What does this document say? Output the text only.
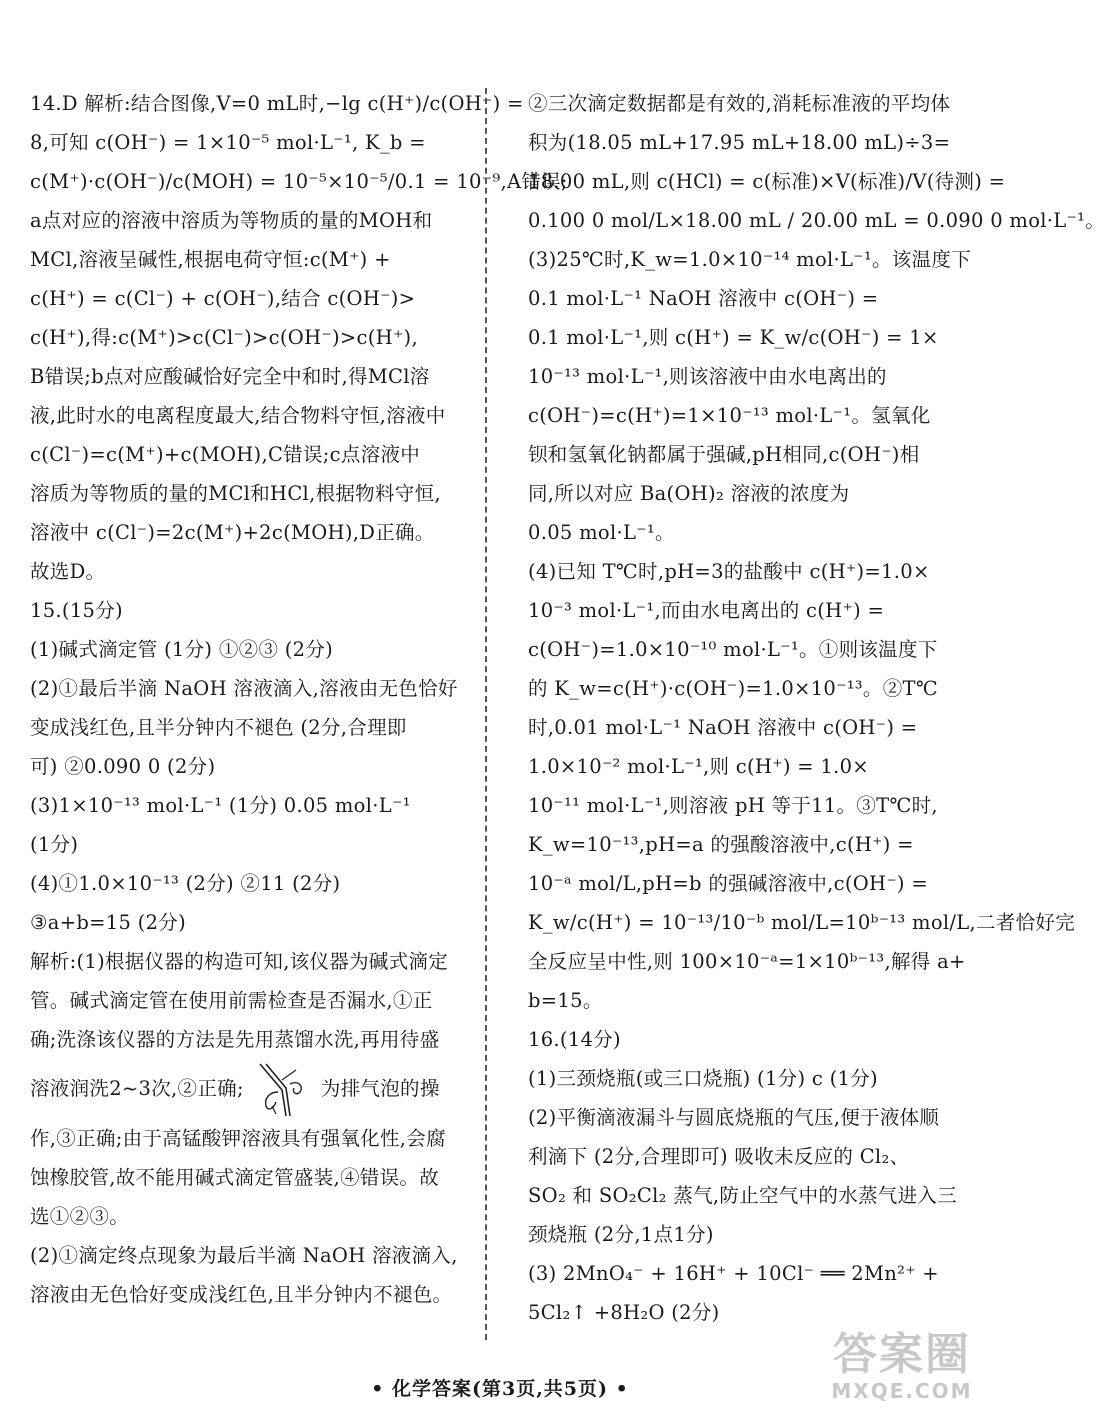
14.D 解析:结合图像,V=0 mL时,−lg c(H⁺)/c(OH⁻) =

8,可知 c(OH⁻) = 1×10⁻⁵ mol·L⁻¹, K_b =

c(M⁺)·c(OH⁻)/c(MOH) = 10⁻⁵×10⁻⁵/0.1 = 10⁻⁹,A错误;

a点对应的溶液中溶质为等物质的量的MOH和

MCl,溶液呈碱性,根据电荷守恒:c(M⁺) +

c(H⁺) = c(Cl⁻) + c(OH⁻),结合 c(OH⁻)>

c(H⁺),得:c(M⁺)>c(Cl⁻)>c(OH⁻)>c(H⁺),

B错误;b点对应酸碱恰好完全中和时,得MCl溶

液,此时水的电离程度最大,结合物料守恒,溶液中

c(Cl⁻)=c(M⁺)+c(MOH),C错误;c点溶液中

溶质为等物质的量的MCl和HCl,根据物料守恒,

溶液中 c(Cl⁻)=2c(M⁺)+2c(MOH),D正确。

故选D。

15.(15分)

(1)碱式滴定管 (1分) ①②③ (2分)

(2)①最后半滴 NaOH 溶液滴入,溶液由无色恰好

变成浅红色,且半分钟内不褪色 (2分,合理即

可) ②0.090 0 (2分)

(3)1×10⁻¹³ mol·L⁻¹ (1分) 0.05 mol·L⁻¹

(1分)

(4)①1.0×10⁻¹³ (2分) ②11 (2分)

③a+b=15 (2分)

解析:(1)根据仪器的构造可知,该仪器为碱式滴定

管。碱式滴定管在使用前需检查是否漏水,①正

确;洗涤该仪器的方法是先用蒸馏水洗,再用待盛

溶液润洗2~3次,②正确;	为排气泡的操

作,③正确;由于高锰酸钾溶液具有强氧化性,会腐

蚀橡胶管,故不能用碱式滴定管盛装,④错误。故

选①②③。

(2)①滴定终点现象为最后半滴 NaOH 溶液滴入,

溶液由无色恰好变成浅红色,且半分钟内不褪色。

②三次滴定数据都是有效的,消耗标准液的平均体

积为(18.05 mL+17.95 mL+18.00 mL)÷3=

18.00 mL,则 c(HCl) = c(标准)×V(标准)/V(待测) =

0.100 0 mol/L×18.00 mL / 20.00 mL = 0.090 0 mol·L⁻¹。

(3)25℃时,K_w=1.0×10⁻¹⁴ mol·L⁻¹。该温度下

0.1 mol·L⁻¹ NaOH 溶液中 c(OH⁻) =

0.1 mol·L⁻¹,则 c(H⁺) = K_w/c(OH⁻) = 1×

10⁻¹³ mol·L⁻¹,则该溶液中由水电离出的

c(OH⁻)=c(H⁺)=1×10⁻¹³ mol·L⁻¹。氢氧化

钡和氢氧化钠都属于强碱,pH相同,c(OH⁻)相

同,所以对应 Ba(OH)₂ 溶液的浓度为

0.05 mol·L⁻¹。

(4)已知 T℃时,pH=3的盐酸中 c(H⁺)=1.0×

10⁻³ mol·L⁻¹,而由水电离出的 c(H⁺) =

c(OH⁻)=1.0×10⁻¹⁰ mol·L⁻¹。①则该温度下

的 K_w=c(H⁺)·c(OH⁻)=1.0×10⁻¹³。②T℃

时,0.01 mol·L⁻¹ NaOH 溶液中 c(OH⁻) =

1.0×10⁻² mol·L⁻¹,则 c(H⁺) = 1.0×

10⁻¹¹ mol·L⁻¹,则溶液 pH 等于11。③T℃时,

K_w=10⁻¹³,pH=a 的强酸溶液中,c(H⁺) =

10⁻ᵃ mol/L,pH=b 的强碱溶液中,c(OH⁻) =

K_w/c(H⁺) = 10⁻¹³/10⁻ᵇ mol/L=10ᵇ⁻¹³ mol/L,二者恰好完

全反应呈中性,则 100×10⁻ᵃ=1×10ᵇ⁻¹³,解得 a+

b=15。

16.(14分)

(1)三颈烧瓶(或三口烧瓶) (1分) c (1分)

(2)平衡滴液漏斗与圆底烧瓶的气压,便于液体顺

利滴下 (2分,合理即可) 吸收未反应的 Cl₂、

SO₂ 和 SO₂Cl₂ 蒸气,防止空气中的水蒸气进入三

颈烧瓶 (2分,1点1分)

(3) 2MnO₄⁻ + 16H⁺ + 10Cl⁻ ══ 2Mn²⁺ +

5Cl₂↑ +8H₂O (2分)

• 化学答案(第3页,共5页) •
答案圈
MXQE.COM
